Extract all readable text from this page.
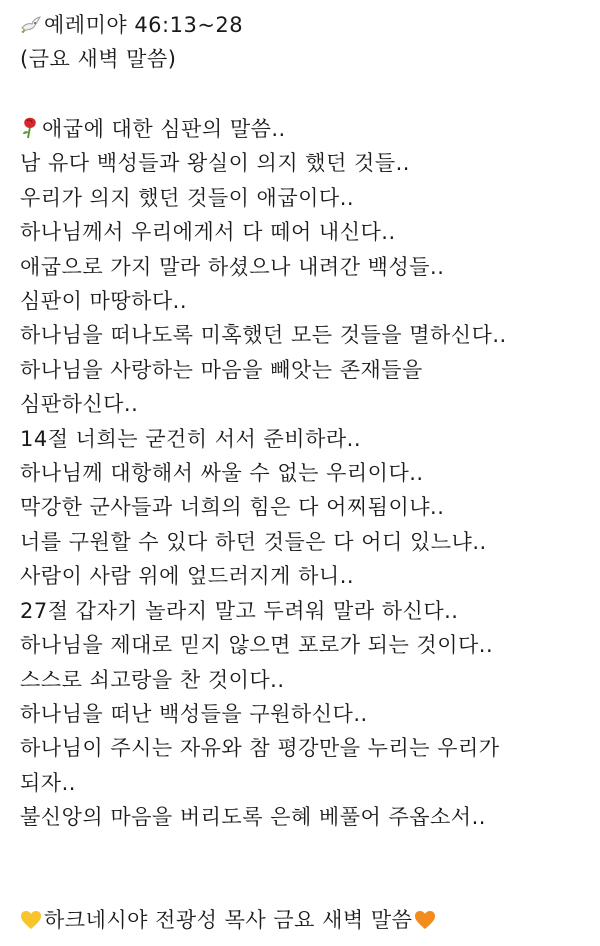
예레미야 46:13~28
(금요 새벽 말씀)
애굽에 대한 심판의 말씀..
남 유다 백성들과 왕실이 의지 했던 것들..
우리가 의지 했던 것들이 애굽이다..
하나님께서 우리에게서 다 떼어 내신다..
애굽으로 가지 말라 하셨으나 내려간 백성들..
심판이 마땅하다..
하나님을 떠나도록 미혹했던 모든 것들을 멸하신다..
하나님을 사랑하는 마음을 빼앗는 존재들을
심판하신다..
14절 너희는 굳건히 서서 준비하라..
하나님께 대항해서 싸울 수 없는 우리이다..
막강한 군사들과 너희의 힘은 다 어찌됨이냐..
너를 구원할 수 있다 하던 것들은 다 어디 있느냐..
사람이 사람 위에 엎드러지게 하니..
27절 갑자기 놀라지 말고 두려워 말라 하신다..
하나님을 제대로 믿지 않으면 포로가 되는 것이다..
스스로 쇠고랑을 찬 것이다..
하나님을 떠난 백성들을 구원하신다..
하나님이 주시는 자유와 참 평강만을 누리는 우리가
되자..
불신앙의 마음을 버리도록 은혜 베풀어 주옵소서..
하크네시야 전광성 목사 금요 새벽 말씀
